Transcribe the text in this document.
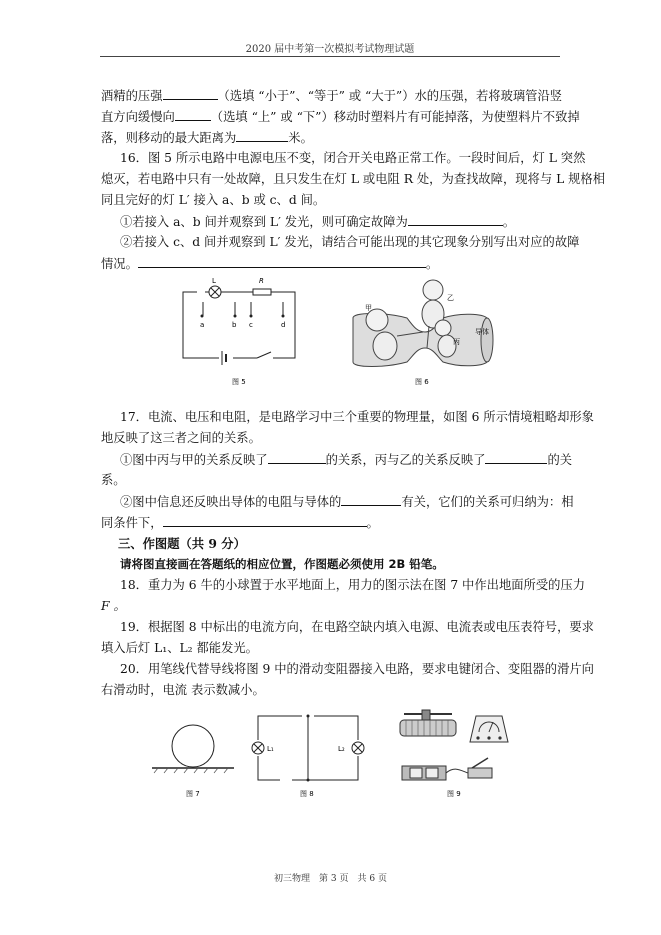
2020 届中考第一次模拟考试物理试题
酒精的压强	（选填 “小于”、“等于” 或 “大于”）水的压强，若将玻璃管沿竖
直方向缓慢向	（选填 “上” 或 “下”）移动时塑料片有可能掉落，为使塑料片不致掉
落，则移动的最大距离为	米。
16．图 5 所示电路中电源电压不变，闭合开关电路正常工作。一段时间后，灯 L 突然
熄灭，若电路中只有一处故障，且只发生在灯 L 或电阻 R 处，为查找故障，现将与 L 规格相
同且完好的灯 L′ 接入 a、b 或 c、d 间。
①若接入 a、b 间并观察到 L′ 发光，则可确定故障为	。
②若接入 c、d 间并观察到 L′ 发光，请结合可能出现的其它现象分别写出对应的故障
情况。	。
L	R
a	b c	d
图 5
甲
乙
丙
导体
图 6
17．电流、电压和电阻，是电路学习中三个重要的物理量，如图 6 所示情境粗略却形象
地反映了这三者之间的关系。
①图中丙与甲的关系反映了	的关系，丙与乙的关系反映了	的关
系。
②图中信息还反映出导体的电阻与导体的	有关，它们的关系可归纳为：相
同条件下，	。
三、作图题（共 9 分）
请将图直接画在答题纸的相应位置，作图题必须使用 2B 铅笔。
18．重力为 6 牛的小球置于水平地面上，用力的图示法在图 7 中作出地面所受的压力
F 。
19．根据图 8 中标出的电流方向，在电路空缺内填入电源、电流表或电压表符号，要求
填入后灯 L₁、L₂ 都能发光。
20．用笔线代替导线将图 9 中的滑动变阻器接入电路，要求电键闭合、变阻器的滑片向
右滑动时，电流 表示数减小。
图 7
L₁	L₂
图 8	图 9
初三物理　第 3 页　共 6 页
